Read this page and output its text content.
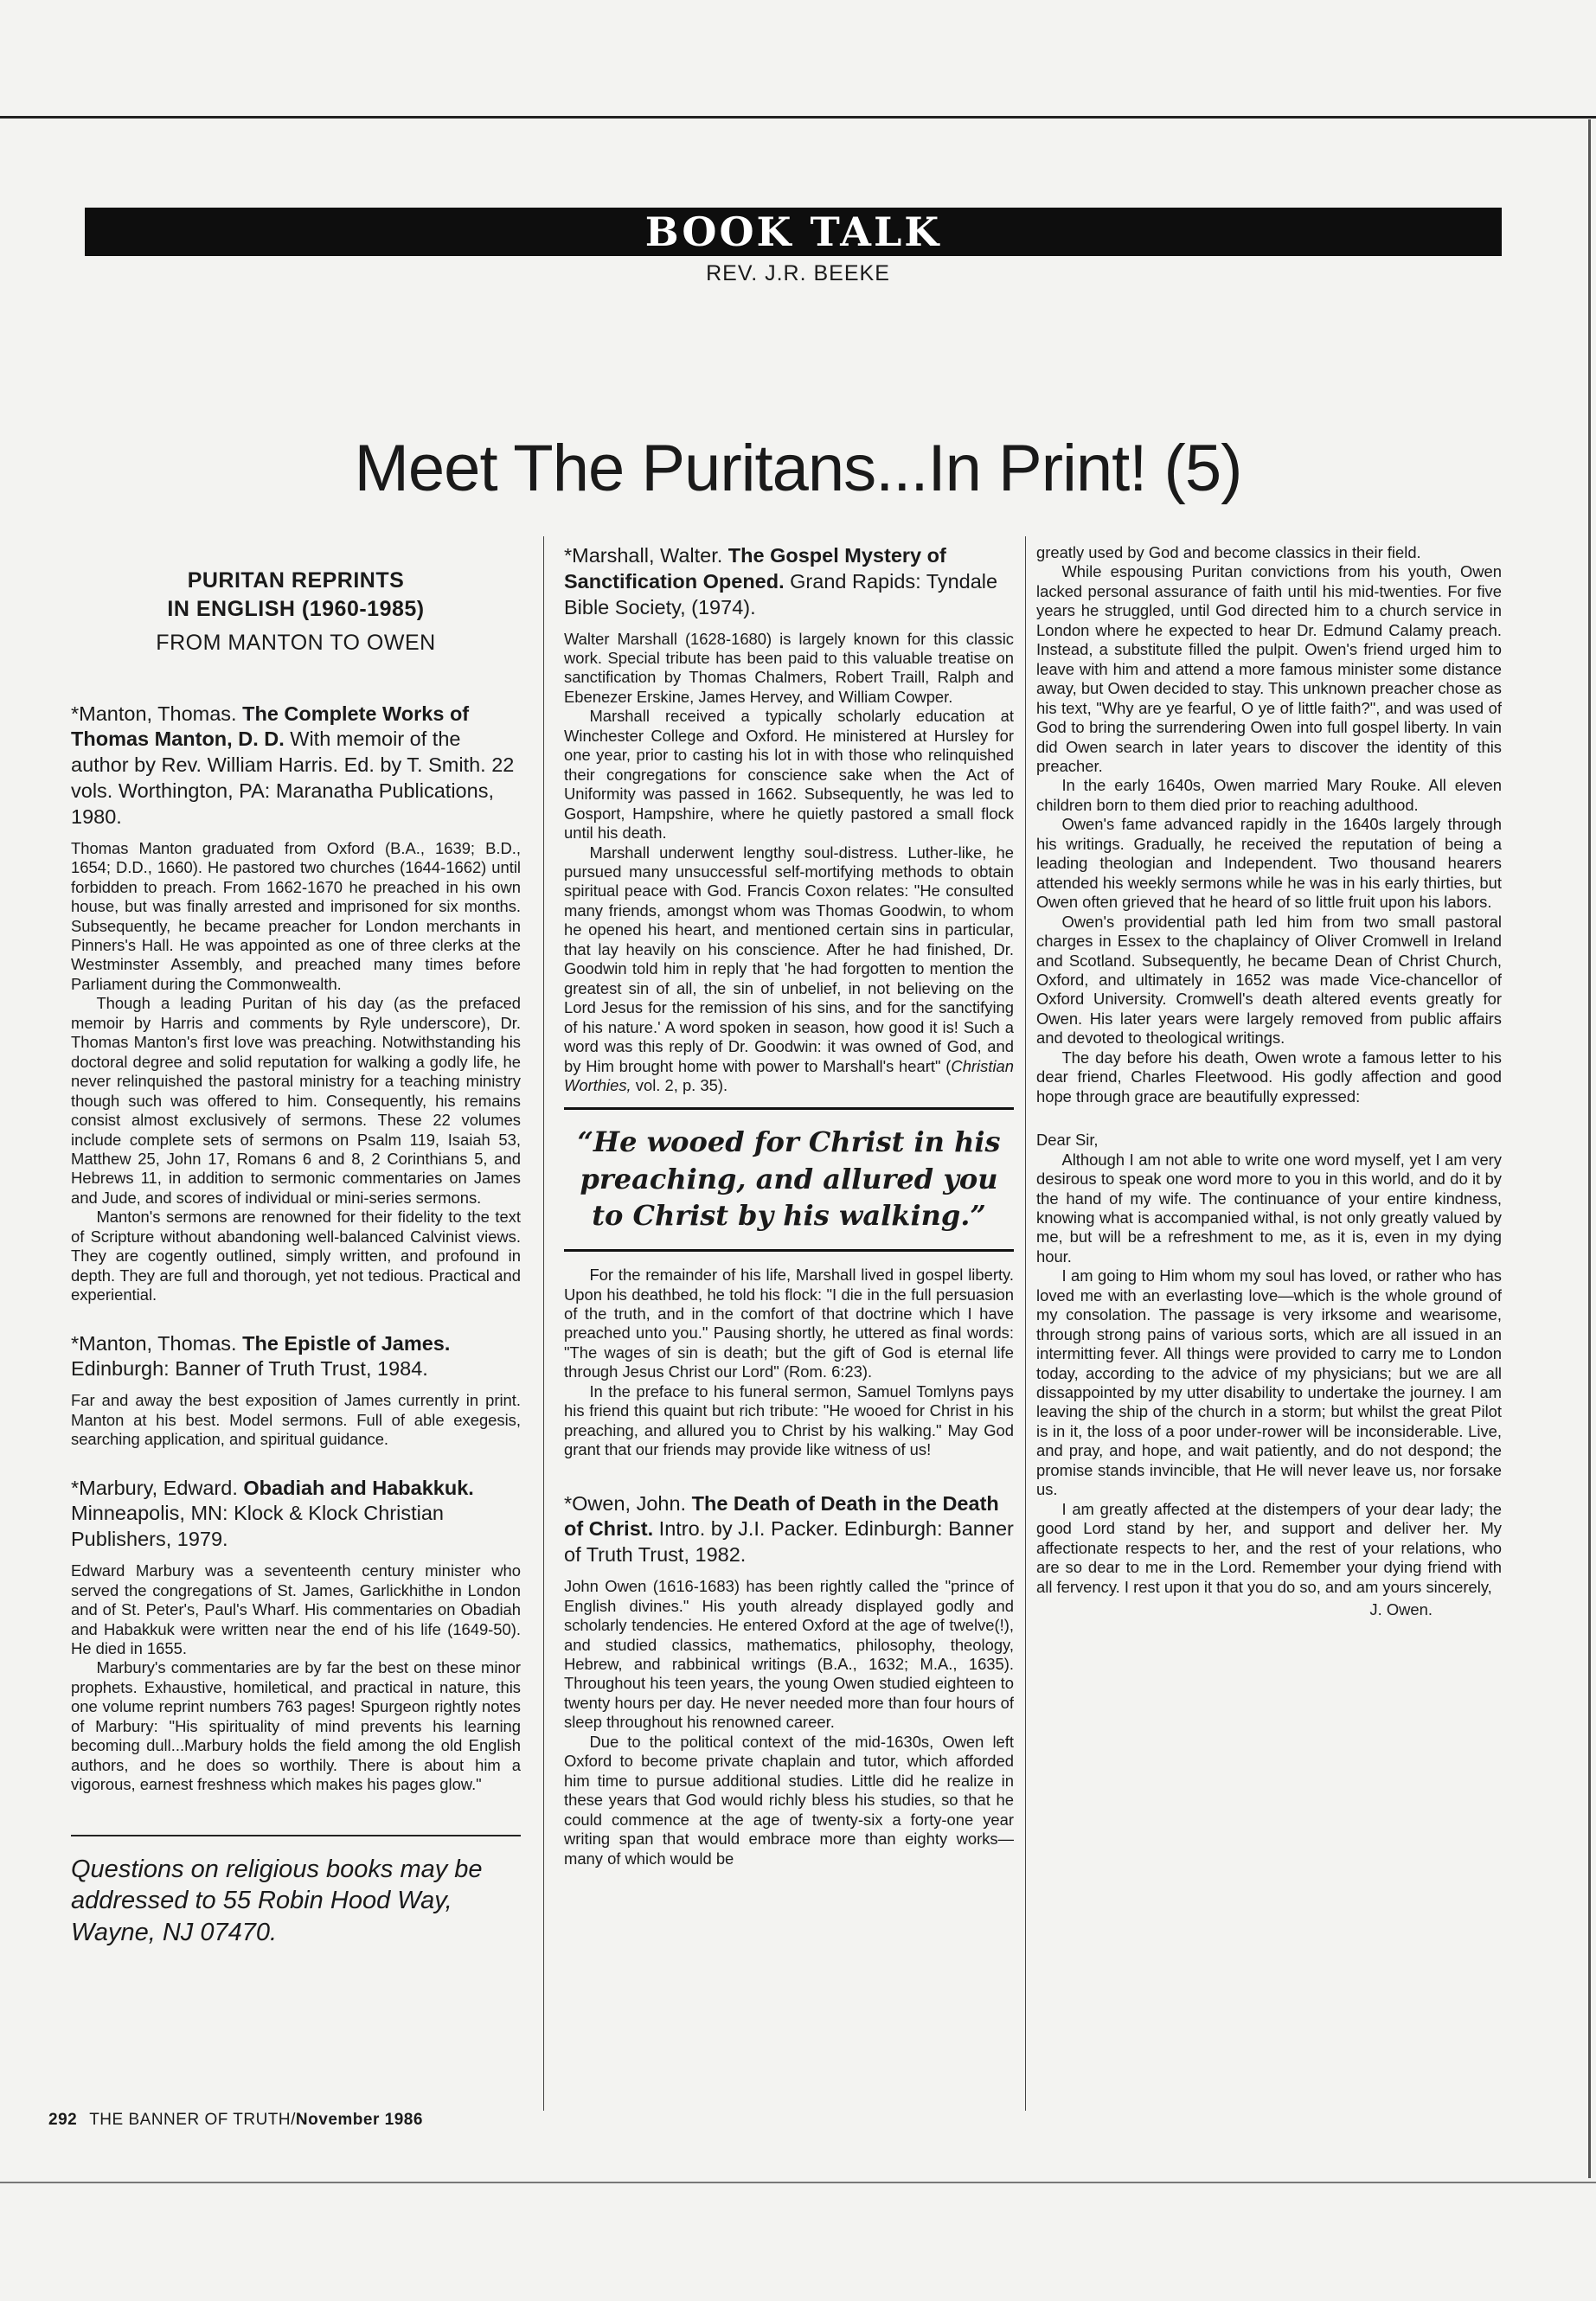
BOOK TALK
REV. J.R. BEEKE
Meet The Puritans...In Print! (5)
PURITAN REPRINTS
IN ENGLISH (1960-1985)
FROM MANTON TO OWEN
*Manton, Thomas. The Complete Works of Thomas Manton, D. D. With memoir of the author by Rev. William Harris. Ed. by T. Smith. 22 vols. Worthington, PA: Maranatha Publications, 1980.

Thomas Manton graduated from Oxford (B.A., 1639; B.D., 1654; D.D., 1660). He pastored two churches (1644-1662) until forbidden to preach. From 1662-1670 he preached in his own house, but was finally arrested and imprisoned for six months. Subsequently, he became preacher for London merchants in Pinners's Hall. He was appointed as one of three clerks at the Westminster Assembly, and preached many times before Parliament during the Commonwealth.

Though a leading Puritan of his day (as the prefaced memoir by Harris and comments by Ryle underscore), Dr. Thomas Manton's first love was preaching. Notwithstanding his doctoral degree and solid reputation for walking a godly life, he never relinquished the pastoral ministry for a teaching ministry though such was offered to him. Consequently, his remains consist almost exclusively of sermons. These 22 volumes include complete sets of sermons on Psalm 119, Isaiah 53, Matthew 25, John 17, Romans 6 and 8, 2 Corinthians 5, and Hebrews 11, in addition to sermonic commentaries on James and Jude, and scores of individual or mini-series sermons.

Manton's sermons are renowned for their fidelity to the text of Scripture without abandoning well-balanced Calvinist views. They are cogently outlined, simply written, and profound in depth. They are full and thorough, yet not tedious. Practical and experiential.

*Manton, Thomas. The Epistle of James. Edinburgh: Banner of Truth Trust, 1984.

Far and away the best exposition of James currently in print. Manton at his best. Model sermons. Full of able exegesis, searching application, and spiritual guidance.

*Marbury, Edward. Obadiah and Habakkuk. Minneapolis, MN: Klock & Klock Christian Publishers, 1979.

Edward Marbury was a seventeenth century minister who served the congregations of St. James, Garlickhithe in London and of St. Peter's, Paul's Wharf. His commentaries on Obadiah and Habakkuk were written near the end of his life (1649-50). He died in 1655.

Marbury's commentaries are by far the best on these minor prophets. Exhaustive, homiletical, and practical in nature, this one volume reprint numbers 763 pages! Spurgeon rightly notes of Marbury: "His spirituality of mind prevents his learning becoming dull...Marbury holds the field among the old English authors, and he does so worthily. There is about him a vigorous, earnest freshness which makes his pages glow."

Questions on religious books may be addressed to 55 Robin Hood Way, Wayne, NJ 07470.
*Marshall, Walter. The Gospel Mystery of Sanctification Opened. Grand Rapids: Tyndale Bible Society, (1974).

Walter Marshall (1628-1680) is largely known for this classic work. Special tribute has been paid to this valuable treatise on sanctification by Thomas Chalmers, Robert Traill, Ralph and Ebenezer Erskine, James Hervey, and William Cowper.

Marshall received a typically scholarly education at Winchester College and Oxford. He ministered at Hursley for one year, prior to casting his lot in with those who relinquished their congregations for conscience sake when the Act of Uniformity was passed in 1662. Subsequently, he was led to Gosport, Hampshire, where he quietly pastored a small flock until his death.

Marshall underwent lengthy soul-distress. Luther-like, he pursued many unsuccessful self-mortifying methods to obtain spiritual peace with God. Francis Coxon relates: "He consulted many friends, amongst whom was Thomas Goodwin, to whom he opened his heart, and mentioned certain sins in particular, that lay heavily on his conscience. After he had finished, Dr. Goodwin told him in reply that 'he had forgotten to mention the greatest sin of all, the sin of unbelief, in not believing on the Lord Jesus for the remission of his sins, and for the sanctifying of his nature.' A word spoken in season, how good it is! Such a word was this reply of Dr. Goodwin: it was owned of God, and by Him brought home with power to Marshall's heart" (Christian Worthies, vol. 2, p. 35).

“He wooed for Christ in his preaching, and allured you to Christ by his walking.”

For the remainder of his life, Marshall lived in gospel liberty. Upon his deathbed, he told his flock: "I die in the full persuasion of the truth, and in the comfort of that doctrine which I have preached unto you." Pausing shortly, he uttered as final words: "The wages of sin is death; but the gift of God is eternal life through Jesus Christ our Lord" (Rom. 6:23).

In the preface to his funeral sermon, Samuel Tomlyns pays his friend this quaint but rich tribute: "He wooed for Christ in his preaching, and allured you to Christ by his walking." May God grant that our friends may provide like witness of us!

*Owen, John. The Death of Death in the Death of Christ. Intro. by J.I. Packer. Edinburgh: Banner of Truth Trust, 1982.

John Owen (1616-1683) has been rightly called the "prince of English divines." His youth already displayed godly and scholarly tendencies. He entered Oxford at the age of twelve(!), and studied classics, mathematics, philosophy, theology, Hebrew, and rabbinical writings (B.A., 1632; M.A., 1635). Throughout his teen years, the young Owen studied eighteen to twenty hours per day. He never needed more than four hours of sleep throughout his renowned career.

Due to the political context of the mid-1630s, Owen left Oxford to become private chaplain and tutor, which afforded him time to pursue additional studies. Little did he realize in these years that God would richly bless his studies, so that he could commence at the age of twenty-six a forty-one year writing span that would embrace more than eighty works—many of which would be

greatly used by God and become classics in their field.

While espousing Puritan convictions from his youth, Owen lacked personal assurance of faith until his mid-twenties. For five years he struggled, until God directed him to a church service in London where he expected to hear Dr. Edmund Calamy preach. Instead, a substitute filled the pulpit. Owen's friend urged him to leave with him and attend a more famous minister some distance away, but Owen decided to stay. This unknown preacher chose as his text, "Why are ye fearful, O ye of little faith?", and was used of God to bring the surrendering Owen into full gospel liberty. In vain did Owen search in later years to discover the identity of this preacher.

In the early 1640s, Owen married Mary Rouke. All eleven children born to them died prior to reaching adulthood.

Owen's fame advanced rapidly in the 1640s largely through his writings. Gradually, he received the reputation of being a leading theologian and Independent. Two thousand hearers attended his weekly sermons while he was in his early thirties, but Owen often grieved that he heard of so little fruit upon his labors.

Owen's providential path led him from two small pastoral charges in Essex to the chaplaincy of Oliver Cromwell in Ireland and Scotland. Subsequently, he became Dean of Christ Church, Oxford, and ultimately in 1652 was made Vice-chancellor of Oxford University. Cromwell's death altered events greatly for Owen. His later years were largely removed from public affairs and devoted to theological writings.

The day before his death, Owen wrote a famous letter to his dear friend, Charles Fleetwood. His godly affection and good hope through grace are beautifully expressed:

Dear Sir,

Although I am not able to write one word myself, yet I am very desirous to speak one word more to you in this world, and do it by the hand of my wife. The continuance of your entire kindness, knowing what is accompanied withal, is not only greatly valued by me, but will be a refreshment to me, as it is, even in my dying hour.

I am going to Him whom my soul has loved, or rather who has loved me with an everlasting love—which is the whole ground of my consolation. The passage is very irksome and wearisome, through strong pains of various sorts, which are all issued in an intermitting fever. All things were provided to carry me to London today, according to the advice of my physicians; but we are all dissappointed by my utter disability to undertake the journey. I am leaving the ship of the church in a storm; but whilst the great Pilot is in it, the loss of a poor under-rower will be inconsiderable. Live, and pray, and hope, and wait patiently, and do not despond; the promise stands invincible, that He will never leave us, nor forsake us.

I am greatly affected at the distempers of your dear lady; the good Lord stand by her, and support and deliver her. My affectionate respects to her, and the rest of your relations, who are so dear to me in the Lord. Remember your dying friend with all fervency. I rest upon it that you do so, and am yours sincerely,

J. Owen.

292 THE BANNER OF TRUTH/November 1986
